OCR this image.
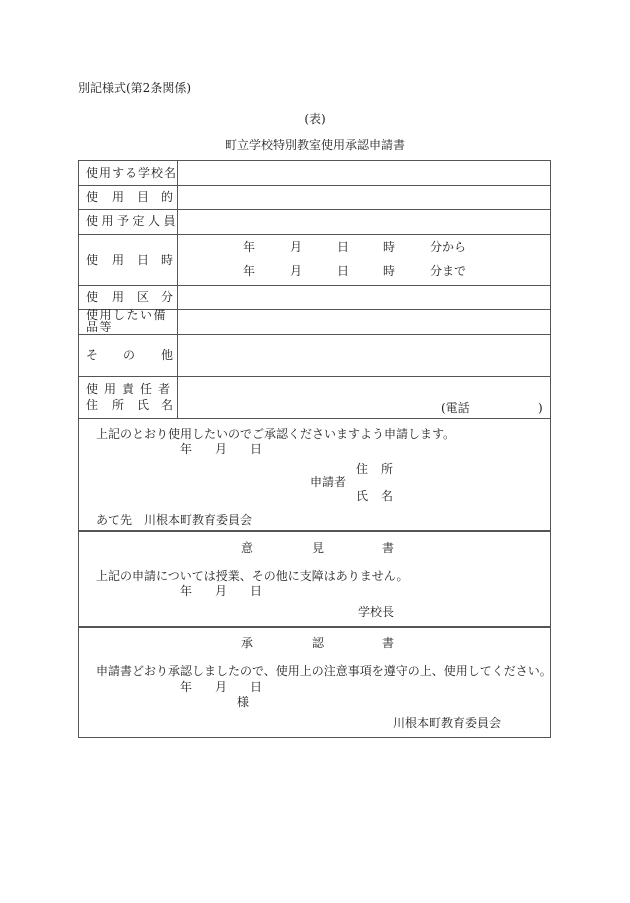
別記様式(第2条関係)
(表)
町立学校特別教室使用承認申請書
使用する学校名
使 用 目 的
使用予定人員
使 用 日 時
年	月	日	時	分から
年	月	日	時	分まで
使 用 区 分
使用したい備品等
そ の 他
使用責任者
住 所 氏 名	(電話	)
上記のとおり使用したいのでご承認くださいますよう申請します。
年 月 日
住 所
申請者
氏 名
あて先　川根本町教育委員会
意	見	書
上記の申請については授業、その他に支障はありません。
年 月 日
学校長
承	認	書
申請書どおり承認しましたので、使用上の注意事項を遵守の上、使用してください。
年 月 日
様
川根本町教育委員会
